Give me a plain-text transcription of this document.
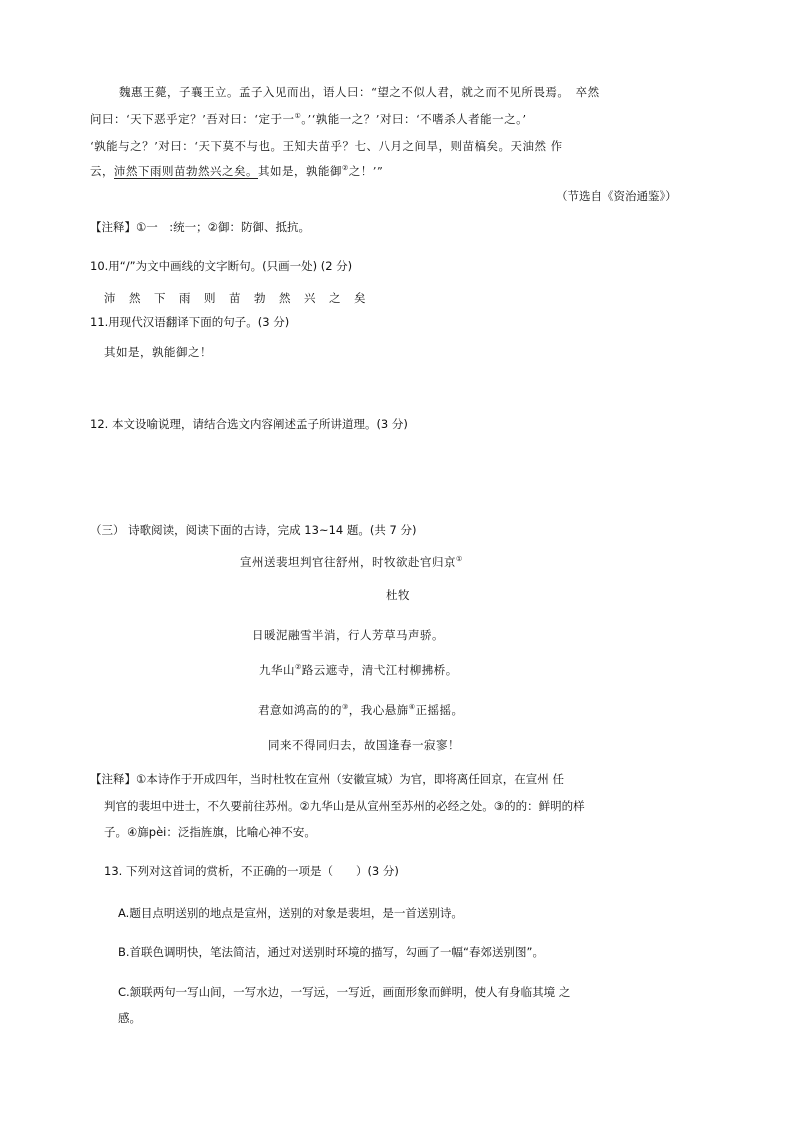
魏惠王薨，子襄王立。孟子入见而出，语人曰：“望之不似人君，就之而不见所畏焉。　卒然
问曰：‘天下恶乎定？’吾对曰：‘定于一①。’‘孰能一之？’对曰：‘不嗜杀人者能一之。’
‘孰能与之？’对曰：‘天下莫不与也。王知夫苗乎？七、八月之间旱，则苗槁矣。天油然 作
云，沛然下雨则苗勃然兴之矣。其如是，孰能御②之！’”
（节选自《资治通鉴》）
【注释】①一　:统一；②御：防御、抵抗。
10.用“/”为文中画线的文字断句。(只画一处) (2 分)
沛 然 下 雨 则 苗 勃 然 兴 之 矣
11.用现代汉语翻译下面的句子。(3 分)
其如是，孰能御之！
12. 本文设喻说理，请结合选文内容阐述孟子所讲道理。(3 分)
（三） 诗歌阅读，阅读下面的古诗，完成 13~14 题。(共 7 分)
宣州送裴坦判官往舒州，时牧欲赴官归京①
杜牧
日暖泥融雪半消，行人芳草马声骄。
九华山②路云遮寺，清弋江村柳拂桥。
君意如鸿高的的③，我心悬旆④正摇摇。
同来不得同归去，故国逢春一寂寥！
【注释】①本诗作于开成四年，当时杜牧在宣州（安徽宣城）为官，即将离任回京，在宣州 任
判官的裴坦中进士，不久要前往苏州。②九华山是从宣州至苏州的必经之处。③的的：鲜明的样
子。④旆pèi：泛指旌旗，比喻心神不安。
13. 下列对这首词的赏析，不正确的一项是（　　）(3 分)
A.题目点明送别的地点是宣州，送别的对象是裴坦，是一首送别诗。
B.首联色调明快，笔法简洁，通过对送别时环境的描写，勾画了一幅“春郊送别图”。
C.颔联两句一写山间，一写水边，一写远，一写近，画面形象而鲜明，使人有身临其境 之
感。
